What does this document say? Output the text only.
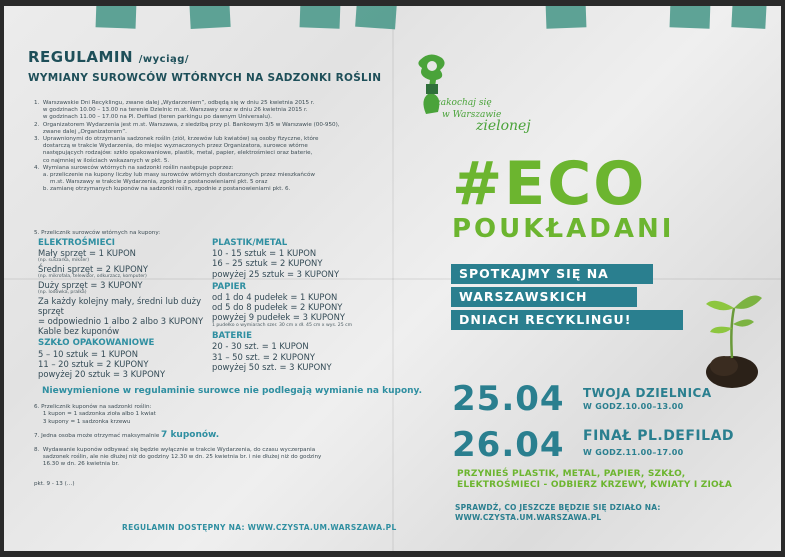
REGULAMIN /wyciąg/
WYMIANY SUROWCÓW WTÓRNYCH NA SADZONKI ROŚLIN

1.  Warszawskie Dni Recyklingu, zwane dalej „Wydarzeniem”, odbędą się w dniu 25 kwietnia 2015 r.

w godzinach 10.00 – 13.00 na terenie Dzielnic m.st. Warszawy oraz w dniu 26 kwietnia 2015 r.

w godzinach 11.00 – 17.00 na Pl. Defilad (teren parkingu po dawnym Universalu).

2.  Organizatorem Wydarzenia jest m.st. Warszawa, z siedzibą przy pl. Bankowym 3/5 w Warszawie (00-950),

zwane dalej „Organizatorem”.

3.  Uprawnionymi do otrzymania sadzonek roślin (ziół, krzewów lub kwiatów) są osoby fizyczne, które

dostarczą w trakcie Wydarzenia, do miejsc wyznaczonych przez Organizatora, surowce wtórne

następujących rodzajów: szkło opakowaniowe, plastik, metal, papier, elektrośmieci oraz baterie,

co najmniej w ilościach wskazanych w pkt. 5.

4.  Wymiana surowców wtórnych na sadzonki roślin następuje poprzez:

a. przeliczenie na kupony liczby lub masy surowców wtórnych dostarczonych przez mieszkańców

m.st. Warszawy w trakcie Wydarzenia, zgodnie z postanowieniami pkt. 5 oraz

b. zamianę otrzymanych kuponów na sadzonki roślin, zgodnie z postanowieniami pkt. 6.

5. Przelicznik surowców wtórnych na kupony:
ELEKTROŚMIECI
Mały sprzęt = 1 KUPON
(np. suszarka, mikser)
Średni sprzęt = 2 KUPONY
(np. mikrofala, telewizor, odkurzacz, komputer)
Duży sprzęt = 3 KUPONY
(np. lodówka, pralka)
Za każdy kolejny mały, średni lub duży sprzęt
= odpowiednio 1 albo 2 albo 3 KUPONY
Kable bez kuponów
SZKŁO OPAKOWANIOWE
5 – 10 sztuk = 1 KUPON
11 – 20 sztuk = 2 KUPONY
powyżej 20 sztuk = 3 KUPONY
PLASTIK/METAL
10 - 15 sztuk = 1 KUPON
16 – 25 sztuk = 2 KUPONY
powyżej 25 sztuk = 3 KUPONY
PAPIER
od 1 do 4 pudełek = 1 KUPON
od 5 do 8 pudełek = 2 KUPONY
powyżej 9 pudełek = 3 KUPONY
1 pudełko o wymiarach szer. 30 cm x dł. 45 cm x wys. 25 cm
BATERIE
20 - 30 szt. = 1 KUPON
31 – 50 szt. = 2 KUPONY
powyżej 50 szt. = 3 KUPONY
Niewymienione w regulaminie surowce nie podlegają wymianie na kupony.
6. Przelicznik kuponów na sadzonki roślin:
1 kupon = 1 sadzonka zioła albo 1 kwiat
3 kupony = 1 sadzonka krzewu
7. Jedna osoba może otrzymać maksymalnie 7 kuponów.
8.  Wydawanie kuponów odbywać się będzie wyłącznie w trakcie Wydarzenia, do czasu wyczerpania
sadzonek roślin, ale nie dłużej niż do godziny 12.30 w dn. 25 kwietnia br. i nie dłużej niż do godziny
16.30 w dn. 26 kwietnia br.
pkt. 9 - 13 (…)
REGULAMIN DOSTĘPNY NA: WWW.CZYSTA.UM.WARSZAWA.PL
zakochaj się
w Warszawie
zielonej
#ECO
POUKŁADANI
SPOTKAJMY SIĘ NA
WARSZAWSKICH
DNIACH RECYKLINGU!
25.04 TWOJA DZIELNICA
W GODZ.10.00–13.00
26.04 FINAŁ PL.DEFILAD
W GODZ.11.00–17.00
PRZYNIEŚ PLASTIK, METAL, PAPIER, SZKŁO,
ELEKTROŚMIECI - ODBIERZ KRZEWY, KWIATY I ZIOŁA
SPRAWDŹ, CO JESZCZE BĘDZIE SIĘ DZIAŁO NA:
WWW.CZYSTA.UM.WARSZAWA.PL
